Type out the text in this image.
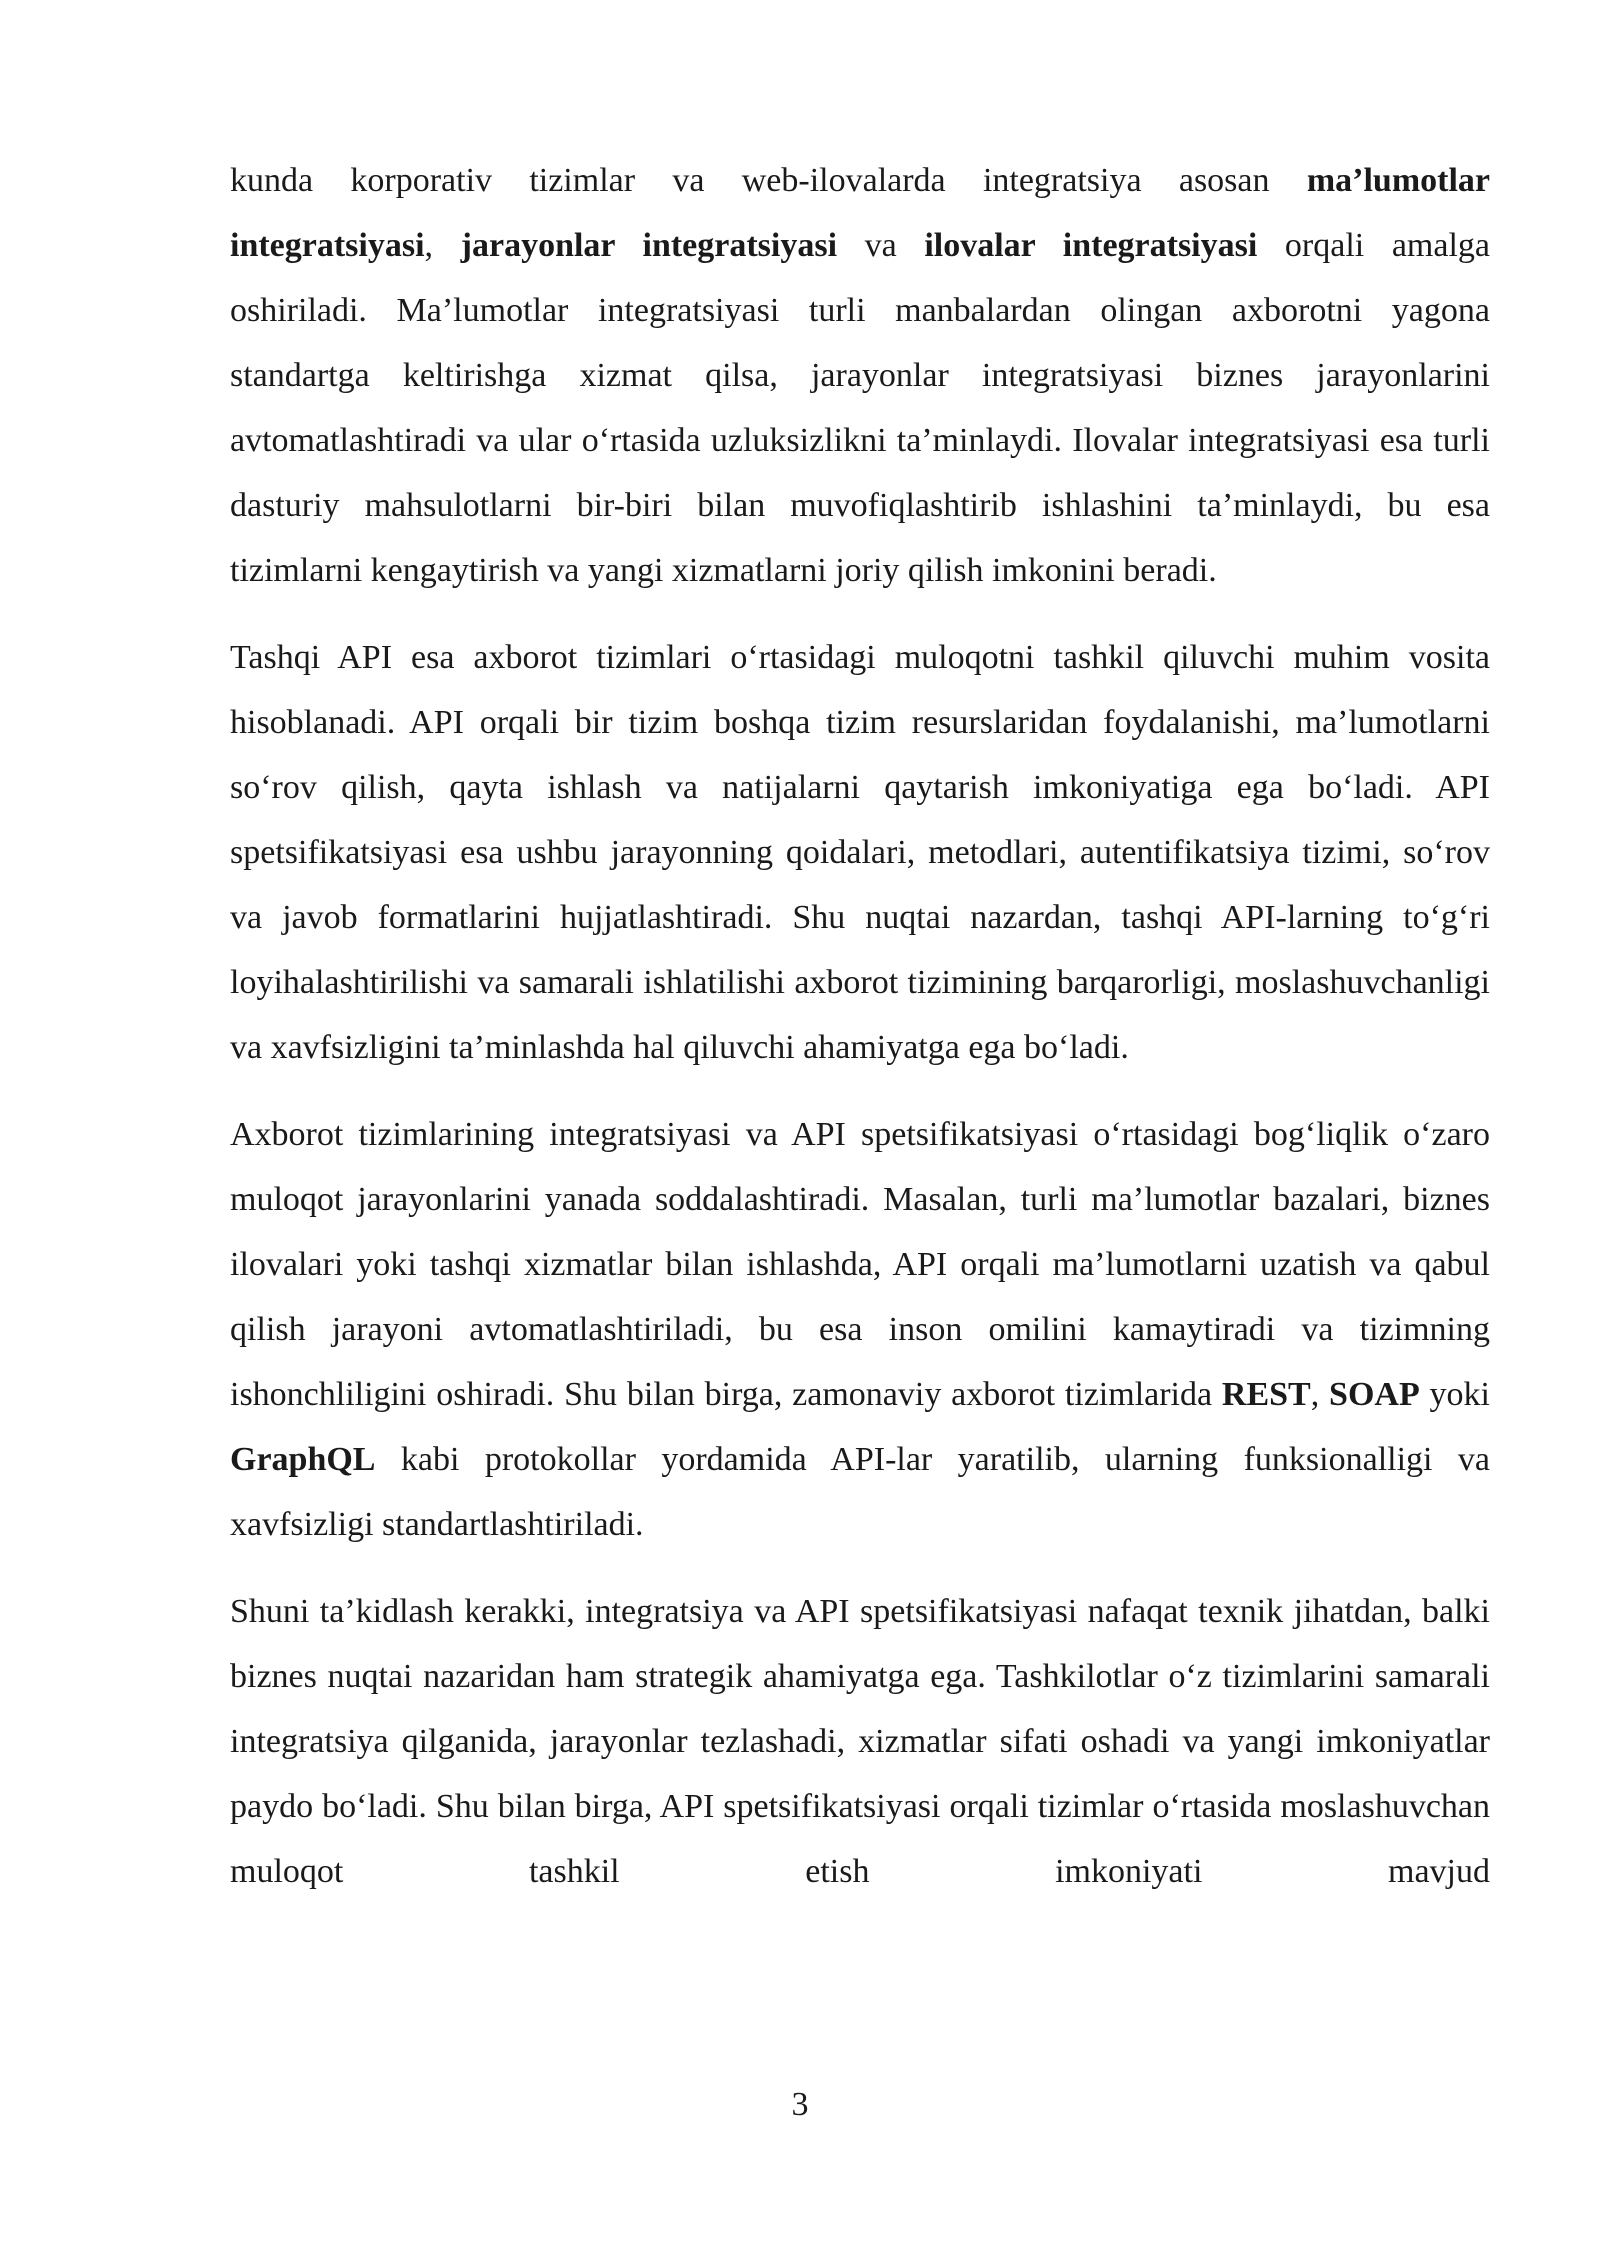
kunda korporativ tizimlar va web-ilovalarda integratsiya asosan ma’lumotlar integratsiyasi, jarayonlar integratsiyasi va ilovalar integratsiyasi orqali amalga oshiriladi. Ma’lumotlar integratsiyasi turli manbalardan olingan axborotni yagona standartga keltirishga xizmat qilsa, jarayonlar integratsiyasi biznes jarayonlarini avtomatlashtiradi va ular o‘rtasida uzluksizlikni ta’minlaydi. Ilovalar integratsiyasi esa turli dasturiy mahsulotlarni bir-biri bilan muvofiqlashtirib ishlashini ta’minlaydi, bu esa tizimlarni kengaytirish va yangi xizmatlarni joriy qilish imkonini beradi.

Tashqi API esa axborot tizimlari o‘rtasidagi muloqotni tashkil qiluvchi muhim vosita hisoblanadi. API orqali bir tizim boshqa tizim resurslaridan foydalanishi, ma’lumotlarni so‘rov qilish, qayta ishlash va natijalarni qaytarish imkoniyatiga ega bo‘ladi. API spetsifikatsiyasi esa ushbu jarayonning qoidalari, metodlari, autentifikatsiya tizimi, so‘rov va javob formatlarini hujjatlashtiradi. Shu nuqtai nazardan, tashqi API-larning to‘g‘ri loyihalashtirilishi va samarali ishlatilishi axborot tizimining barqarorligi, moslashuvchanligi va xavfsizligini ta’minlashda hal qiluvchi ahamiyatga ega bo‘ladi.

Axborot tizimlarining integratsiyasi va API spetsifikatsiyasi o‘rtasidagi bog‘liqlik o‘zaro muloqot jarayonlarini yanada soddalashtiradi. Masalan, turli ma’lumotlar bazalari, biznes ilovalari yoki tashqi xizmatlar bilan ishlashda, API orqali ma’lumotlarni uzatish va qabul qilish jarayoni avtomatlashtiriladi, bu esa inson omilini kamaytiradi va tizimning ishonchliligini oshiradi. Shu bilan birga, zamonaviy axborot tizimlarida REST, SOAP yoki GraphQL kabi protokollar yordamida API-lar yaratilib, ularning funksionalligi va xavfsizligi standartlashtiriladi.

Shuni ta’kidlash kerakki, integratsiya va API spetsifikatsiyasi nafaqat texnik jihatdan, balki biznes nuqtai nazaridan ham strategik ahamiyatga ega. Tashkilotlar o‘z tizimlarini samarali integratsiya qilganida, jarayonlar tezlashadi, xizmatlar sifati oshadi va yangi imkoniyatlar paydo bo‘ladi. Shu bilan birga, API spetsifikatsiyasi orqali tizimlar o‘rtasida moslashuvchan muloqot tashkil etish imkoniyati mavjud

3
